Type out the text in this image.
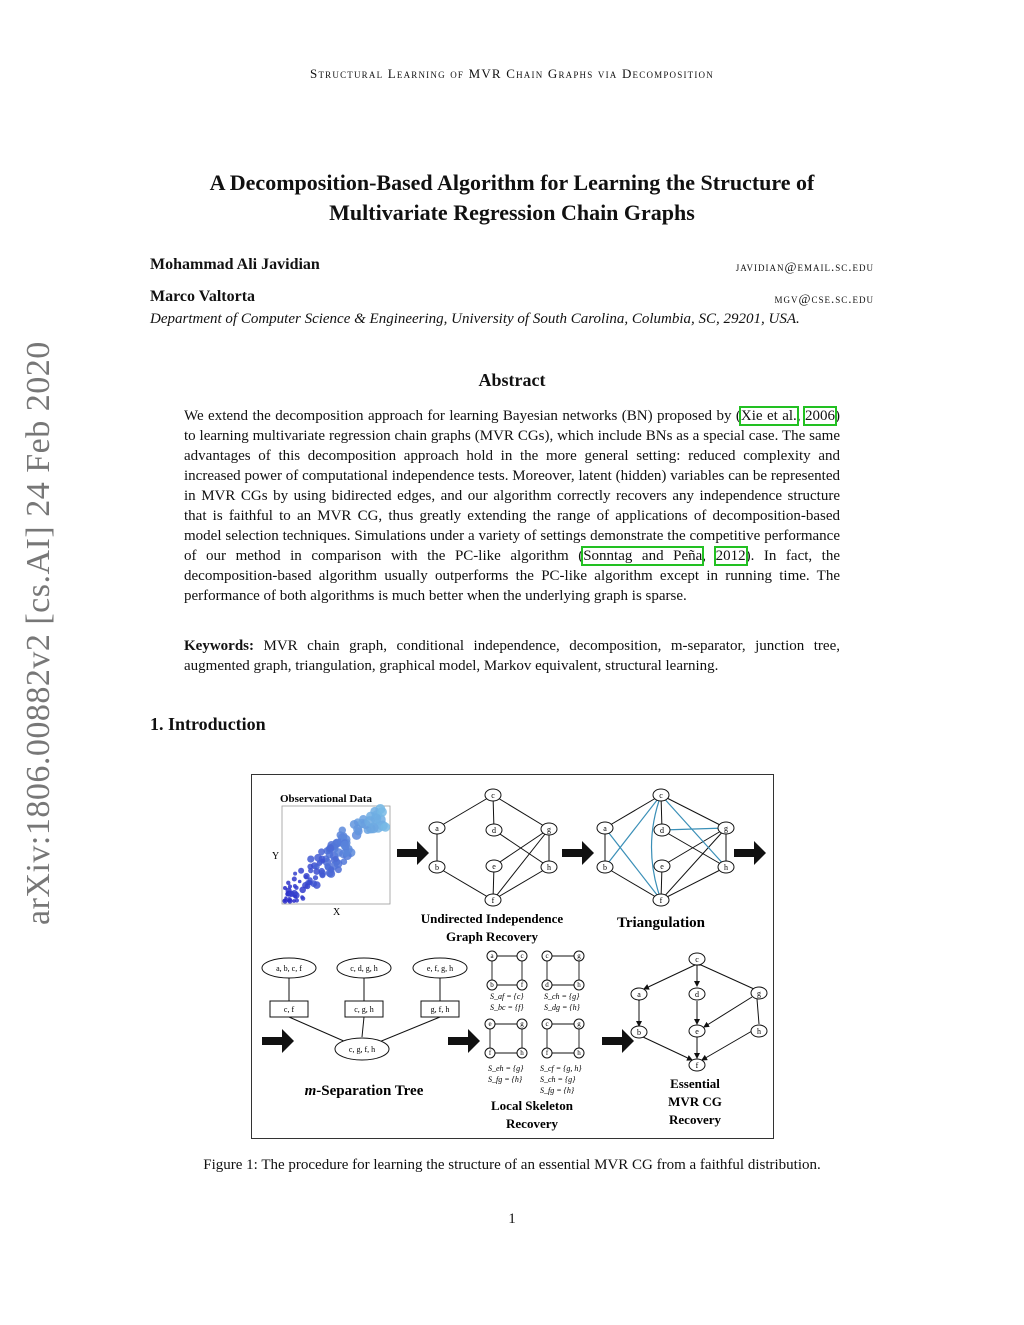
Structural Learning of MVR Chain Graphs via Decomposition
arXiv:1806.00882v2 [cs.AI] 24 Feb 2020
A Decomposition-Based Algorithm for Learning the Structure of
Multivariate Regression Chain Graphs
Mohammad Ali Javidian	javidian@email.sc.edu
Marco Valtorta	mgv@cse.sc.edu
Department of Computer Science & Engineering, University of South Carolina, Columbia, SC, 29201, USA.
Abstract
We extend the decomposition approach for learning Bayesian networks (BN) proposed by (Xie et al., 2006) to learning multivariate regression chain graphs (MVR CGs), which include BNs as a special case. The same advantages of this decomposition approach hold in the more general setting: reduced complexity and increased power of computational independence tests. Moreover, latent (hidden) variables can be represented in MVR CGs by using bidirected edges, and our algorithm correctly recovers any independence structure that is faithful to an MVR CG, thus greatly extending the range of applications of decomposition-based model selection techniques. Simulations under a variety of settings demonstrate the competitive performance of our method in comparison with the PC-like algorithm (Sonntag and Peña, 2012). In fact, the decomposition-based algorithm usually outperforms the PC-like algorithm except in running time. The performance of both algorithms is much better when the underlying graph is sparse.
Keywords: MVR chain graph, conditional independence, decomposition, m-separator, junction tree, augmented graph, triangulation, graphical model, Markov equivalent, structural learning.
1. Introduction
Observational Data
Y
X
c
a	d	g
b	e	h
f
Undirected Independence
Graph Recovery
c
a	d	g
b	e	h
f
Triangulation
a, b, c, f	c, d, g, h	e, f, g, h
c, g, f, h
c, f	c, g, h	g, f, h
m-Separation Tree
a	c
b	f
c	g
d	h
e	g
f	h
c	g
f	h
S_af = {c}
S_bc = {f}
S_ch = {g}
S_dg = {h}
S_eh = {g}
S_fg = {h}
S_cf = {g, h}
S_ch = {g}
S_fg = {h}
Local Skeleton
Recovery
c
a	d	g
b	e	h
f
Essential
MVR CG
Recovery
Figure 1: The procedure for learning the structure of an essential MVR CG from a faithful distribution.
1
